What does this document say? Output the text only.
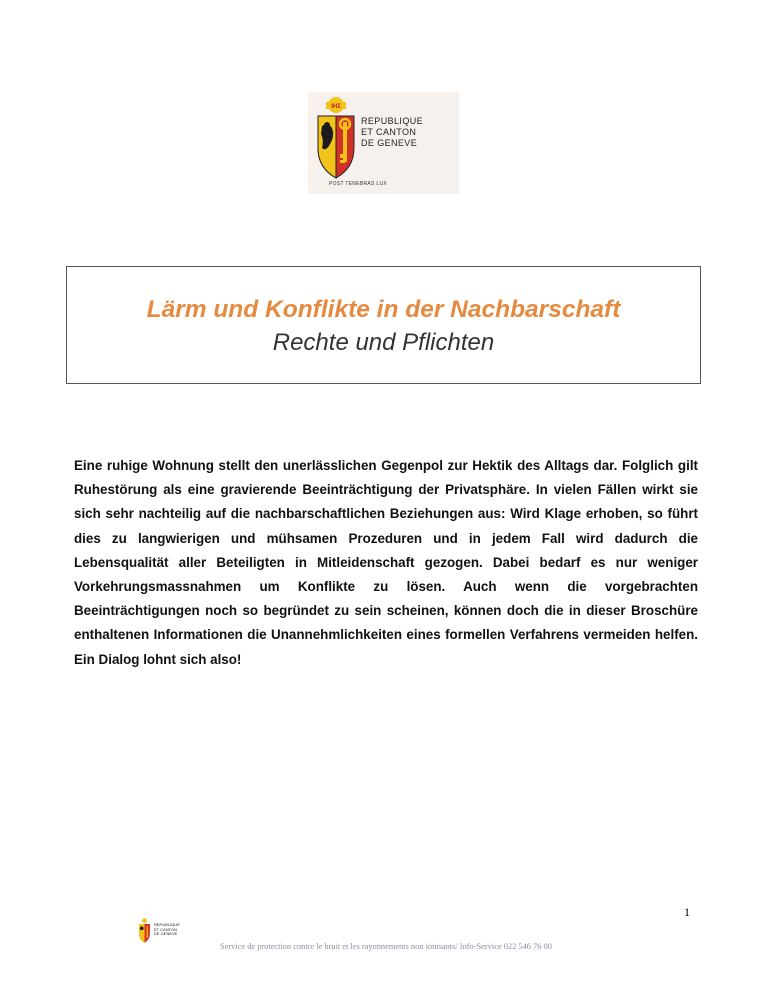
IHΣ
REPUBLIQUE
ET CANTON
DE GENEVE
POST TENEBRAS LUX
Lärm und Konflikte in der Nachbarschaft
Rechte und Pflichten

Eine ruhige Wohnung stellt den unerlässlichen Gegenpol zur Hektik des Alltags dar. Folglich gilt Ruhestörung als eine gravierende Beeinträchtigung der Privatsphäre. In vielen Fällen wirkt sie sich sehr nachteilig auf die nachbarschaftlichen Beziehungen aus: Wird Klage erhoben, so führt dies zu langwierigen und mühsamen Prozeduren und in jedem Fall wird dadurch die Lebensqualität aller Beteiligten in Mitleidenschaft gezogen. Dabei bedarf es nur weniger Vorkehrungsmassnahmen um Konflikte zu lösen. Auch wenn die vorgebrachten Beeinträchtigungen noch so begründet zu sein scheinen, können doch die in dieser Broschüre enthaltenen Informationen die Unannehmlichkeiten eines formellen Verfahrens vermeiden helfen. Ein Dialog lohnt sich also!

1
REPUBLIQUE
ET CANTON
DE GENEVE
Service de protection contre le bruit et les rayonnements non ionisants/ Info-Service 022 546 76 00
